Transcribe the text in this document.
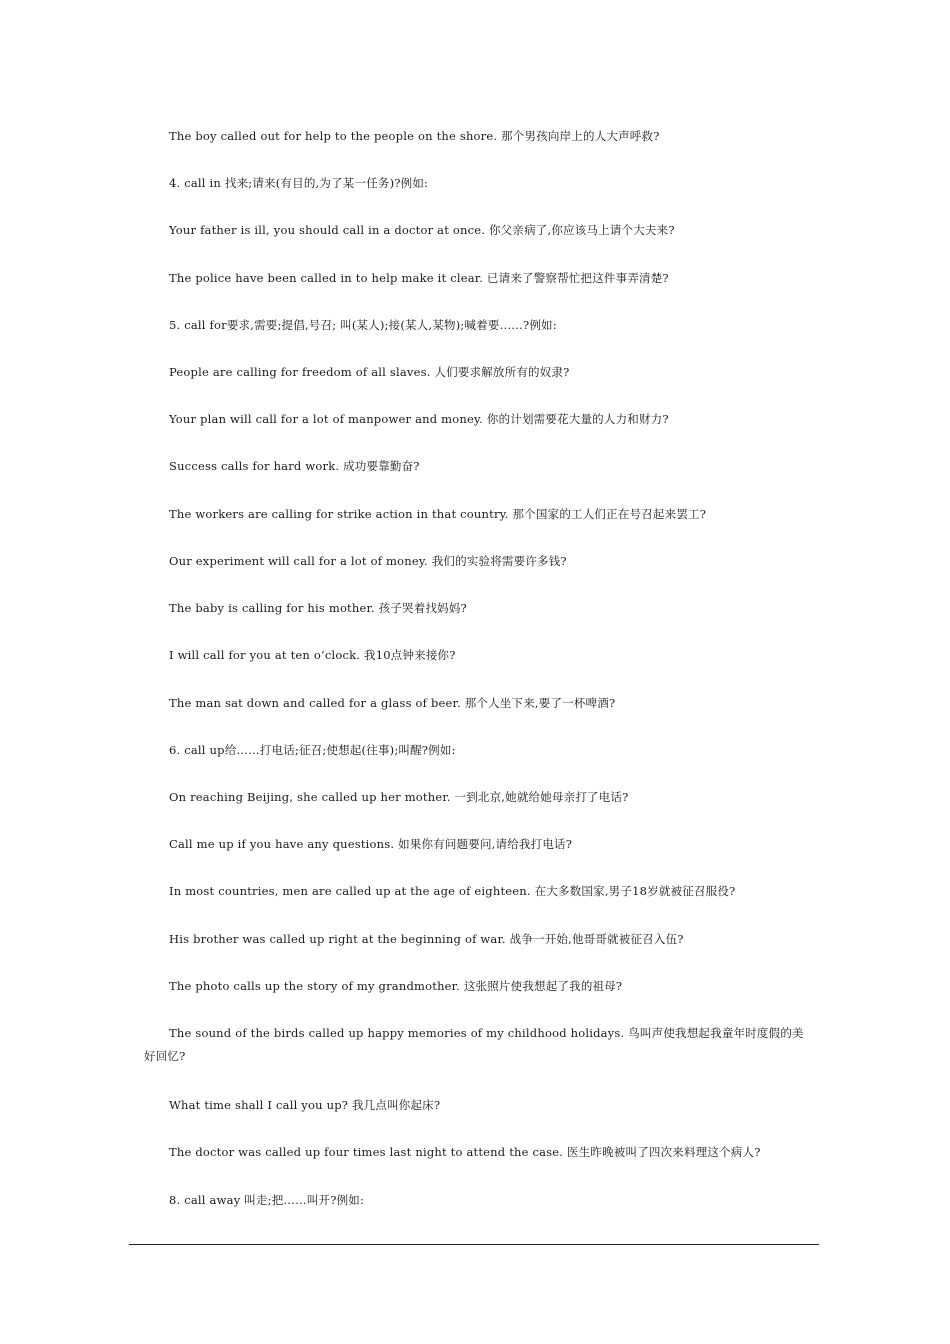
The boy called out for help to the people on the shore. 那个男孩向岸上的人大声呼救?
4. call in 找来;请来(有目的,为了某一任务)?例如:
Your father is ill, you should call in a doctor at once. 你父亲病了,你应该马上请个大夫来?
The police have been called in to help make it clear. 已请来了警察帮忙把这件事弄清楚?
5. call for要求,需要;提倡,号召; 叫(某人);接(某人,某物);喊着要……?例如:
People are calling for freedom of all slaves. 人们要求解放所有的奴隶?
Your plan will call for a lot of manpower and money. 你的计划需要花大量的人力和财力?
Success calls for hard work. 成功要靠勤奋?
The workers are calling for strike action in that country. 那个国家的工人们正在号召起来罢工?
Our experiment will call for a lot of money. 我们的实验将需要许多钱?
The baby is calling for his mother. 孩子哭着找妈妈?
I will call for you at ten o’clock. 我10点钟来接你?
The man sat down and called for a glass of beer. 那个人坐下来,要了一杯啤酒?
6. call up给……打电话;征召;使想起(往事);叫醒?例如:
On reaching Beijing, she called up her mother. 一到北京,她就给她母亲打了电话?
Call me up if you have any questions. 如果你有问题要问,请给我打电话?
In most countries, men are called up at the age of eighteen. 在大多数国家,男子18岁就被征召服役?
His brother was called up right at the beginning of war. 战争一开始,他哥哥就被征召入伍?
The photo calls up the story of my grandmother. 这张照片使我想起了我的祖母?
The sound of the birds called up happy memories of my childhood holidays. 鸟叫声使我想起我童年时度假的美好回忆?
What time shall I call you up? 我几点叫你起床?
The doctor was called up four times last night to attend the case. 医生昨晚被叫了四次来料理这个病人?
8. call away 叫走;把……叫开?例如:
